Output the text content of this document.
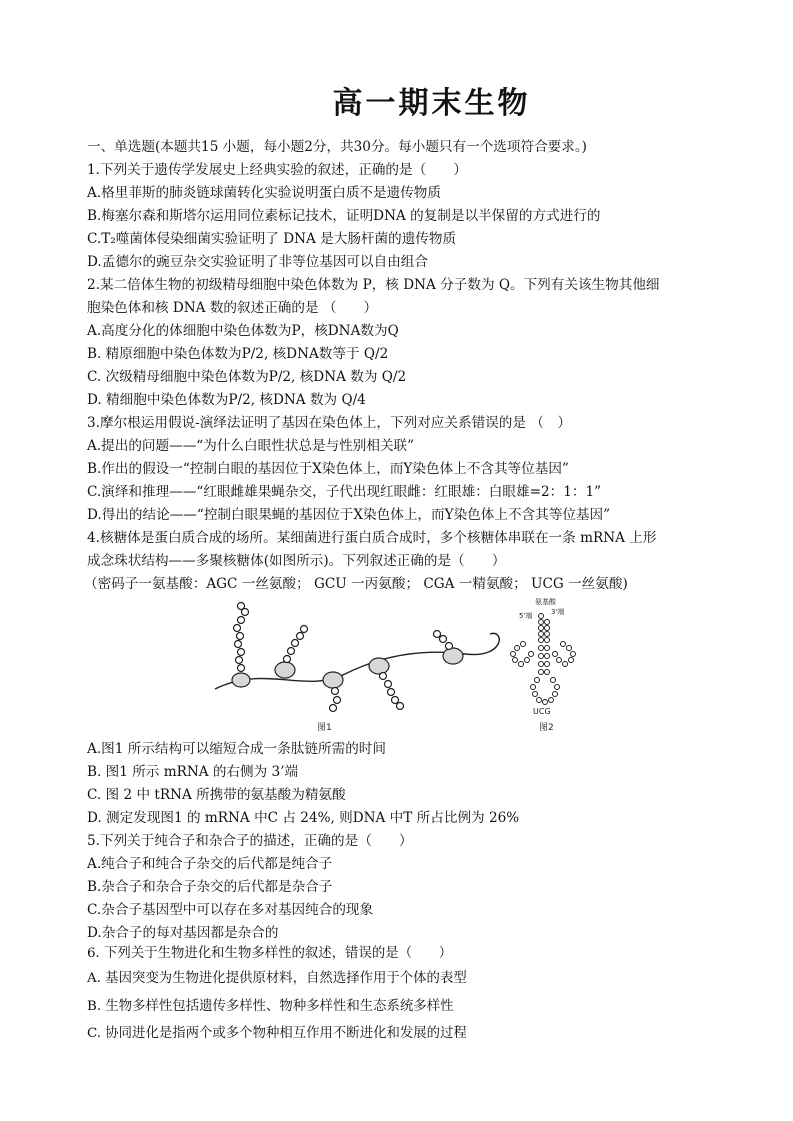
高一期末生物
一、单选题(本题共15 小题，每小题2分，共30分。每小题只有一个选项符合要求。)
1.下列关于遗传学发展史上经典实验的叙述，正确的是（　　）
A.格里菲斯的肺炎链球菌转化实验说明蛋白质不是遗传物质
B.梅塞尔森和斯塔尔运用同位素标记技术，证明DNA 的复制是以半保留的方式进行的
C.T₂噬菌体侵染细菌实验证明了 DNA 是大肠杆菌的遗传物质
D.孟德尔的豌豆杂交实验证明了非等位基因可以自由组合
2.某二倍体生物的初级精母细胞中染色体数为 P，核 DNA 分子数为 Q。下列有关该生物其他细
胞染色体和核 DNA 数的叙述正确的是 （　　）
A.高度分化的体细胞中染色体数为P，核DNA数为Q
B. 精原细胞中染色体数为P/2, 核DNA数等于 Q/2
C. 次级精母细胞中染色体数为P/2, 核DNA 数为 Q/2
D. 精细胞中染色体数为P/2, 核DNA 数为 Q/4
3.摩尔根运用假说-演绎法证明了基因在染色体上，下列对应关系错误的是 （　）
A.提出的问题——“为什么白眼性状总是与性别相关联”
B.作出的假设一“控制白眼的基因位于X染色体上，而Y染色体上不含其等位基因”
C.演绎和推理——“红眼雌雄果蝇杂交，子代出现红眼雌：红眼雄：白眼雄=2：1：1”
D.得出的结论——“控制白眼果蝇的基因位于X染色体上，而Y染色体上不含其等位基因”
4.核糖体是蛋白质合成的场所。某细菌进行蛋白质合成时，多个核糖体串联在一条 mRNA 上形
成念珠状结构——多聚核糖体(如图所示)。下列叙述正确的是（　　）
（密码子一氨基酸：AGC 一丝氨酸； GCU 一丙氨酸； CGA 一精氨酸； UCG 一丝氨酸)
图1
氨基酸
5'端	3'端
UCG
图2
A.图1 所示结构可以缩短合成一条肽链所需的时间
B. 图1 所示 mRNA 的右侧为 3’端
C. 图 2 中 tRNA 所携带的氨基酸为精氨酸
D. 测定发现图1 的 mRNA 中C 占 24%, 则DNA 中T 所占比例为 26%
5.下列关于纯合子和杂合子的描述，正确的是（　　）
A.纯合子和纯合子杂交的后代都是纯合子
B.杂合子和杂合子杂交的后代都是杂合子
C.杂合子基因型中可以存在多对基因纯合的现象
D.杂合子的每对基因都是杂合的
6. 下列关于生物进化和生物多样性的叙述，错误的是（　　）
A. 基因突变为生物进化提供原材料，自然选择作用于个体的表型
B. 生物多样性包括遗传多样性、物种多样性和生态系统多样性
C. 协同进化是指两个或多个物种相互作用不断进化和发展的过程
